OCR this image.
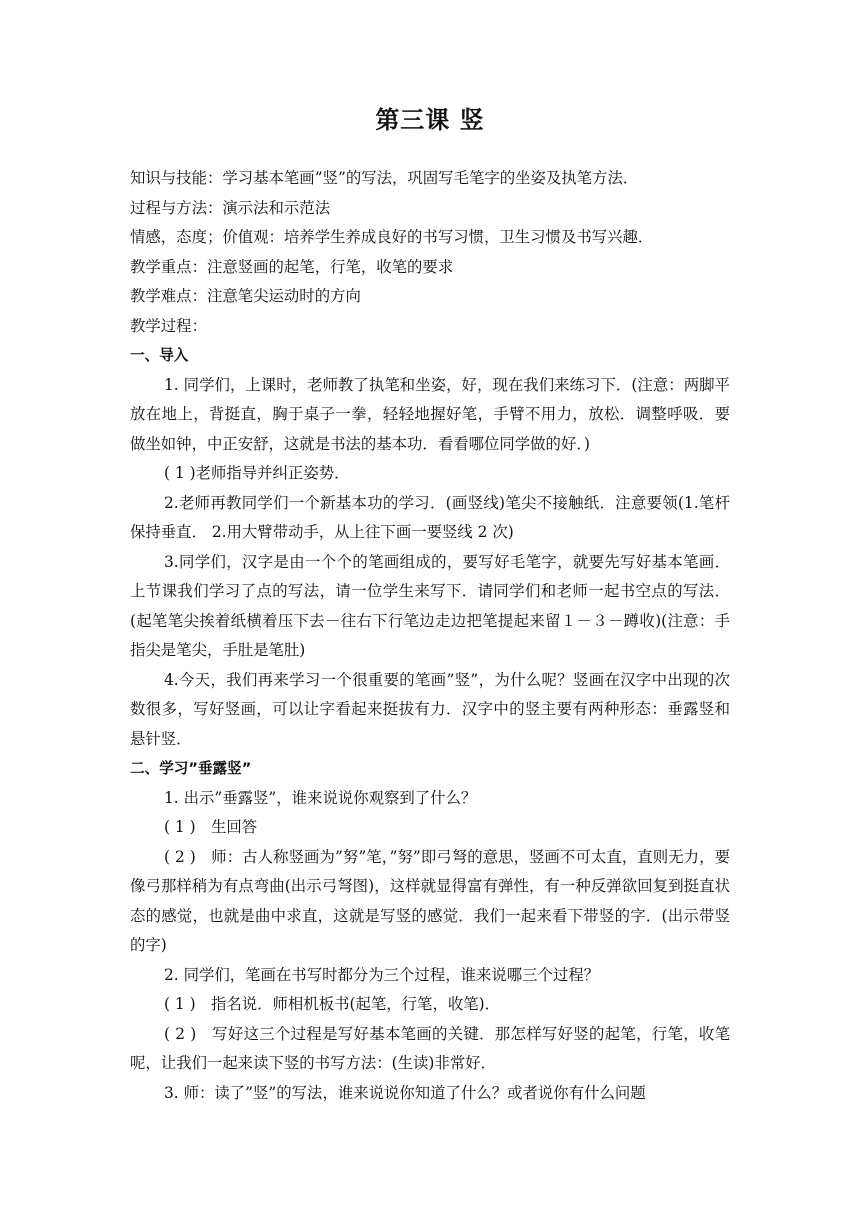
第三课 竖

知识与技能：学习基本笔画”竖”的写法，巩固写毛笔字的坐姿及执笔方法．

过程与方法：演示法和示范法

情感，态度；价值观：培养学生养成良好的书写习惯，卫生习惯及书写兴趣．

教学重点：注意竖画的起笔，行笔，收笔的要求

教学难点：注意笔尖运动时的方向

教学过程：

一、导入

1. 同学们，上课时，老师教了执笔和坐姿，好，现在我们来练习下．(注意：两脚平放在地上，背挺直，胸于桌子一拳，轻轻地握好笔，手臂不用力，放松．调整呼吸．要做坐如钟，中正安舒，这就是书法的基本功．看看哪位同学做的好．)

( 1 )老师指导并纠正姿势．

2.老师再教同学们一个新基本功的学习．(画竖线)笔尖不接触纸．注意要领(1.笔杆保持垂直． 2.用大臂带动手，从上往下画一要竖线 2 次)

3.同学们，汉字是由一个个的笔画组成的，要写好毛笔字，就要先写好基本笔画．上节课我们学习了点的写法，请一位学生来写下．请同学们和老师一起书空点的写法．(起笔笔尖挨着纸横着压下去－往右下行笔边走边把笔提起来留１－３－蹲收)(注意：手指尖是笔尖，手肚是笔肚)

4.今天，我们再来学习一个很重要的笔画”竖”，为什么呢？竖画在汉字中出现的次数很多，写好竖画，可以让字看起来挺拔有力．汉字中的竖主要有两种形态：垂露竖和悬针竖．

二、学习”垂露竖”

1. 出示”垂露竖”，谁来说说你观察到了什么？

( 1 )　生回答

( 2 )　师：古人称竖画为”努”笔，”努”即弓弩的意思，竖画不可太直，直则无力，要像弓那样稍为有点弯曲(出示弓弩图)，这样就显得富有弹性，有一种反弹欲回复到挺直状态的感觉，也就是曲中求直，这就是写竖的感觉．我们一起来看下带竖的字．(出示带竖的字)

2. 同学们，笔画在书写时都分为三个过程，谁来说哪三个过程？

( 1 )　指名说．师相机板书(起笔，行笔，收笔)．

( 2 )　写好这三个过程是写好基本笔画的关键．那怎样写好竖的起笔，行笔，收笔呢，让我们一起来读下竖的书写方法：(生读)非常好．

3. 师：读了”竖”的写法，谁来说说你知道了什么？或者说你有什么问题
